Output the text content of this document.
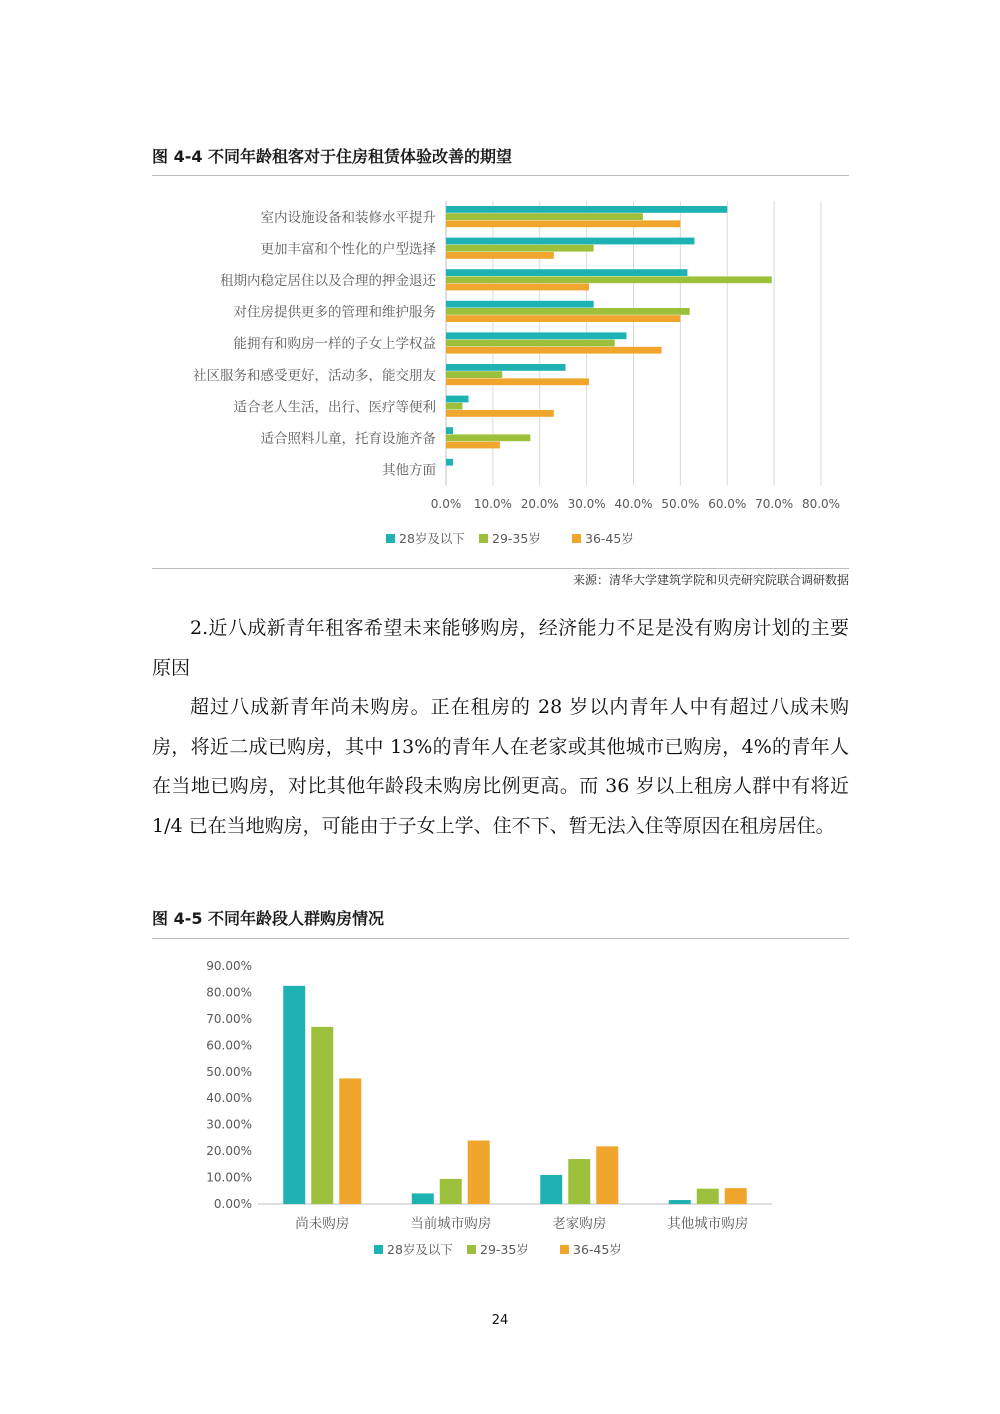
图 4-4 不同年龄租客对于住房租赁体验改善的期望
0.0% 10.0% 20.0% 30.0% 40.0% 50.0% 60.0% 70.0% 80.0%
室内设施设备和装修水平提升
更加丰富和个性化的户型选择
租期内稳定居住以及合理的押金退还
对住房提供更多的管理和维护服务
能拥有和购房一样的子女上学权益
社区服务和感受更好，活动多，能交朋友
适合老人生活，出行、医疗等便利
适合照料儿童，托育设施齐备
其他方面
28岁及以下 29-35岁	36-45岁
来源：清华大学建筑学院和贝壳研究院联合调研数据

2.近八成新青年租客希望未来能够购房，经济能力不足是没有购房计划的主要原因

超过八成新青年尚未购房。正在租房的 28 岁以内青年人中有超过八成未购房，将近二成已购房，其中 13%的青年人在老家或其他城市已购房，4%的青年人在当地已购房，对比其他年龄段未购房比例更高。而 36 岁以上租房人群中有将近 1/4 已在当地购房，可能由于子女上学、住不下、暂无法入住等原因在租房居住。

图 4-5 不同年龄段人群购房情况
0.00%
10.00%
20.00%
30.00%
40.00%
50.00%
60.00%
70.00%
80.00%
90.00%
尚未购房	当前城市购房	老家购房	其他城市购房
28岁及以下 29-35岁	36-45岁
24
